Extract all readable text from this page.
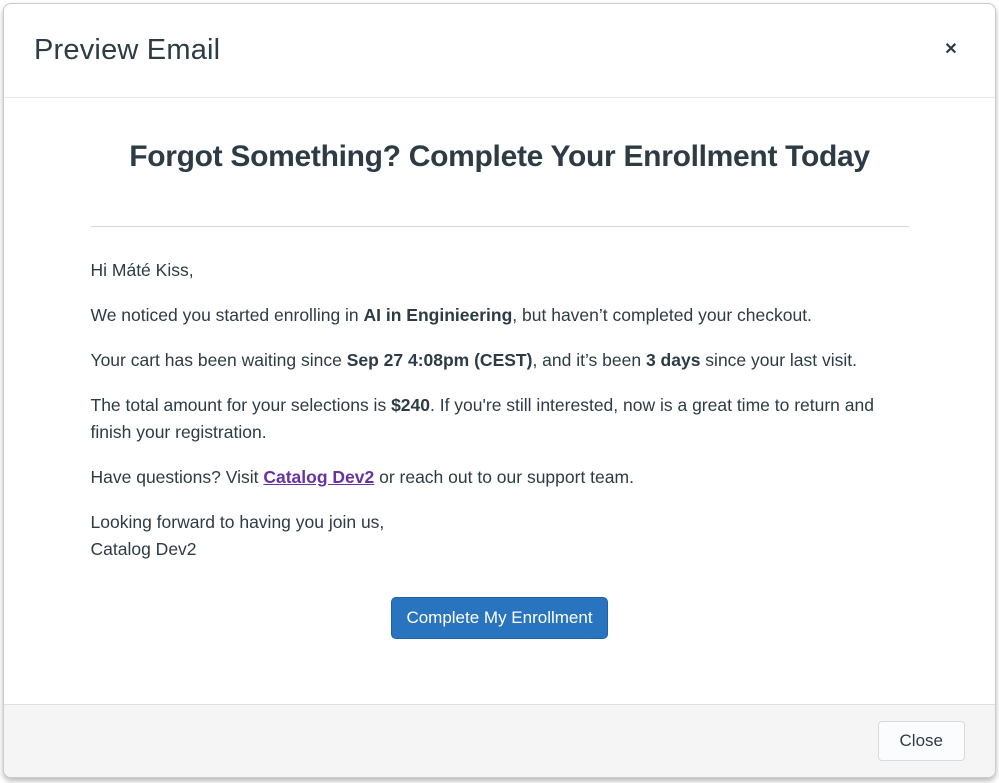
Preview Email	✕
Forgot Something? Complete Your Enrollment Today

Hi Máté Kiss,

We noticed you started enrolling in AI in Enginieering, but haven’t completed your checkout.

Your cart has been waiting since Sep 27 4:08pm (CEST), and it’s been 3 days since your last visit.

The total amount for your selections is $240. If you're still interested, now is a great time to return and finish your registration.

Have questions? Visit Catalog Dev2 or reach out to our support team.

Looking forward to having you join us,
Catalog Dev2

Complete My Enrollment
Close
